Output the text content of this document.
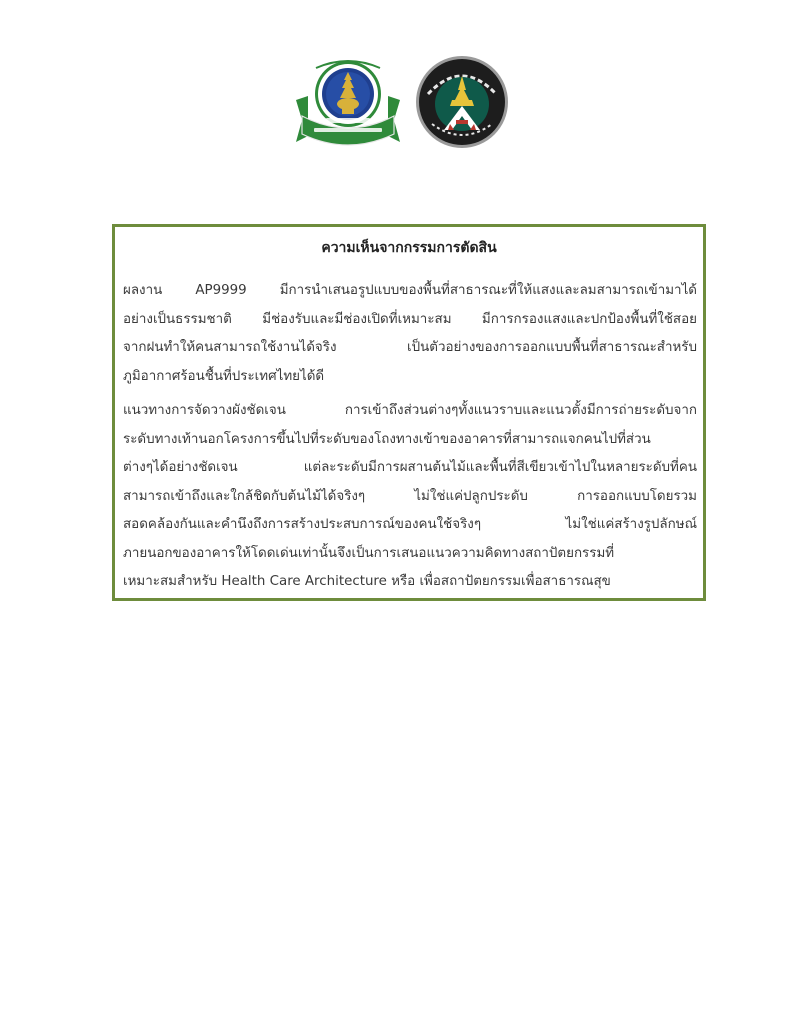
ความเห็นจากกรรมการตัดสิน
ผลงาน AP9999 มีการนำเสนอรูปแบบของพื้นที่สาธารณะที่ให้แสงและลมสามารถเข้ามาได้
อย่างเป็นธรรมชาติ มีช่องรับและมีช่องเปิดที่เหมาะสม มีการกรองแสงและปกป้องพื้นที่ใช้สอย
จากฝนทำให้คนสามารถใช้งานได้จริง เป็นตัวอย่างของการออกแบบพื้นที่สาธารณะสำหรับ
ภูมิอากาศร้อนชื้นที่ประเทศไทยได้ดี
แนวทางการจัดวางผังชัดเจน การเข้าถึงส่วนต่างๆทั้งแนวราบและแนวตั้งมีการถ่ายระดับจาก
ระดับทางเท้านอกโครงการขึ้นไปที่ระดับของโถงทางเข้าของอาคารที่สามารถแจกคนไปที่ส่วน
ต่างๆได้อย่างชัดเจน แต่ละระดับมีการผสานต้นไม้และพื้นที่สีเขียวเข้าไปในหลายระดับที่คน
สามารถเข้าถึงและใกล้ชิดกับต้นไม้ได้จริงๆ ไม่ใช่แค่ปลูกประดับ การออกแบบโดยรวม
สอดคล้องกันและคำนึงถึงการสร้างประสบการณ์ของคนใช้จริงๆ ไม่ใช่แค่สร้างรูปลักษณ์
ภายนอกของอาคารให้โดดเด่นเท่านั้นจึงเป็นการเสนอแนวความคิดทางสถาปัตยกรรมที่
เหมาะสมสำหรับ Health Care Architecture หรือ เพื่อสถาปัตยกรรมเพื่อสาธารณสุข
